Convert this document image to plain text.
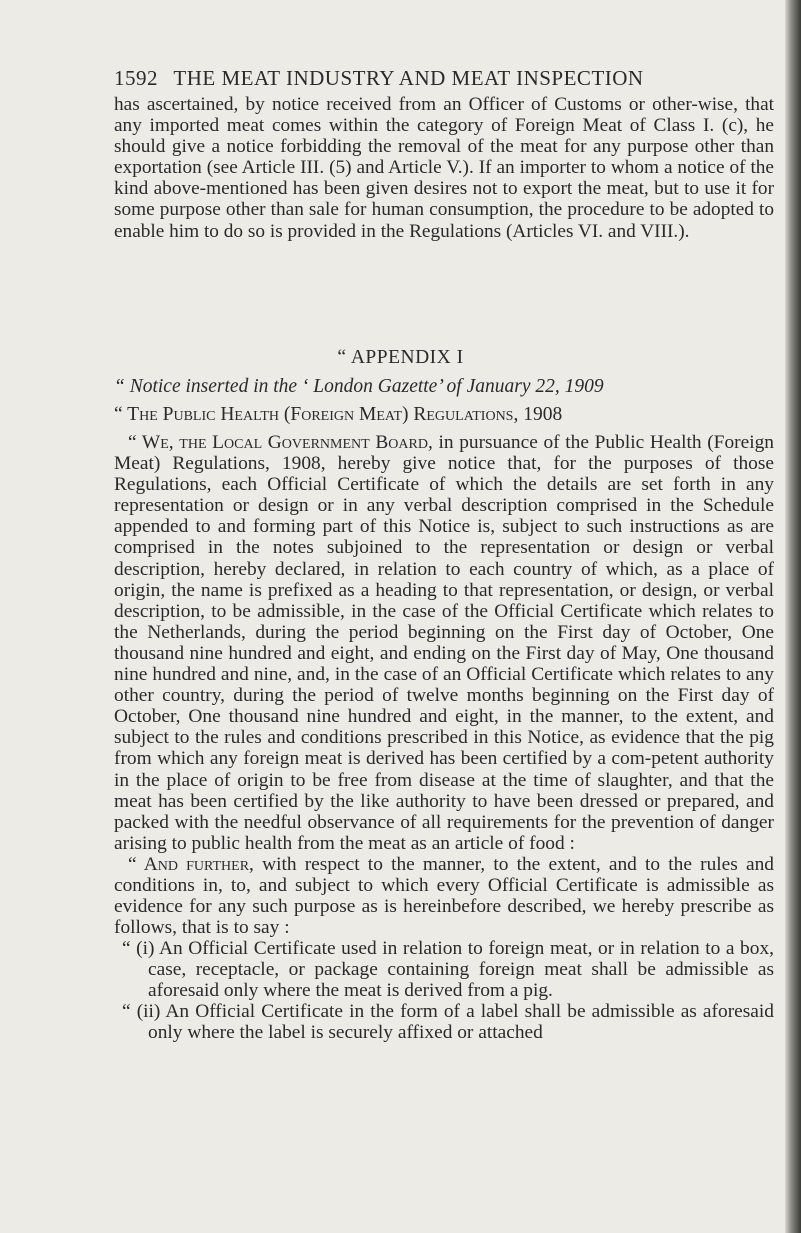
1592 THE MEAT INDUSTRY AND MEAT INSPECTION

has ascertained, by notice received from an Officer of Customs or other-wise, that any imported meat comes within the category of Foreign Meat of Class I. (c), he should give a notice forbidding the removal of the meat for any purpose other than exportation (see Article III. (5) and Article V.). If an importer to whom a notice of the kind above-mentioned has been given desires not to export the meat, but to use it for some purpose other than sale for human consumption, the procedure to be adopted to enable him to do so is provided in the Regulations (Articles VI. and VIII.).

“ APPENDIX I
“ Notice inserted in the ‘ London Gazette’ of January 22, 1909
“ The Public Health (Foreign Meat) Regulations, 1908

“ We, the Local Government Board, in pursuance of the Public Health (Foreign Meat) Regulations, 1908, hereby give notice that, for the purposes of those Regulations, each Official Certificate of which the details are set forth in any representation or design or in any verbal description comprised in the Schedule appended to and forming part of this Notice is, subject to such instructions as are comprised in the notes subjoined to the representation or design or verbal description, hereby declared, in relation to each country of which, as a place of origin, the name is prefixed as a heading to that representation, or design, or verbal description, to be admissible, in the case of the Official Certificate which relates to the Netherlands, during the period beginning on the First day of October, One thousand nine hundred and eight, and ending on the First day of May, One thousand nine hundred and nine, and, in the case of an Official Certificate which relates to any other country, during the period of twelve months beginning on the First day of October, One thousand nine hundred and eight, in the manner, to the extent, and subject to the rules and conditions prescribed in this Notice, as evidence that the pig from which any foreign meat is derived has been certified by a com-petent authority in the place of origin to be free from disease at the time of slaughter, and that the meat has been certified by the like authority to have been dressed or prepared, and packed with the needful observance of all requirements for the prevention of danger arising to public health from the meat as an article of food :

“ And further, with respect to the manner, to the extent, and to the rules and conditions in, to, and subject to which every Official Certificate is admissible as evidence for any such purpose as is hereinbefore described, we hereby prescribe as follows, that is to say :

“ (i) An Official Certificate used in relation to foreign meat, or in relation to a box, case, receptacle, or package containing foreign meat shall be admissible as aforesaid only where the meat is derived from a pig.

“ (ii) An Official Certificate in the form of a label shall be admissible as aforesaid only where the label is securely affixed or attached
